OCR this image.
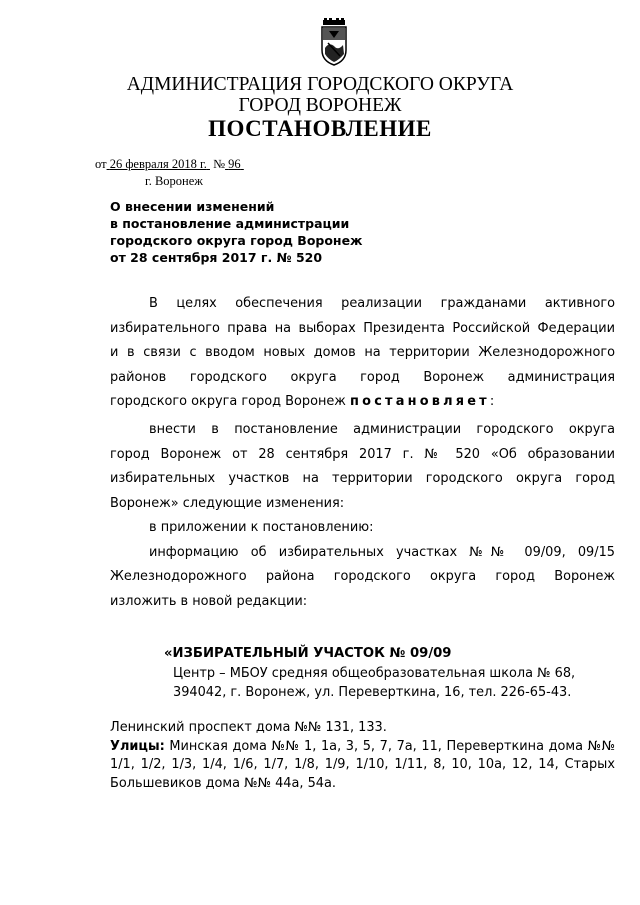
АДМИНИСТРАЦИЯ ГОРОДСКОГО ОКРУГА
ГОРОД ВОРОНЕЖ
ПОСТАНОВЛЕНИЕ
от 26 февраля 2018 г. № 96
г. Воронеж
О внесении изменений
в постановление администрации
городского округа город Воронеж
от 28 сентября 2017 г. № 520

В целях обеспечения реализации гражданами активного

избирательного права на выборах Президента Российской Федерации

и в связи с вводом новых домов на территории Железнодорожного

районов городского округа город Воронеж администрация

городского округа город Воронеж постановляет:

внести в постановление администрации городского округа

город Воронеж от 28 сентября 2017 г. № 520 «Об образовании

избирательных участков на территории городского округа город

Воронеж» следующие изменения:

в приложении к постановлению:

информацию об избирательных участках №№ 09/09, 09/15

Железнодорожного района городского округа город Воронеж

изложить в новой редакции:

«ИЗБИРАТЕЛЬНЫЙ УЧАСТОК № 09/09
Центр – МБОУ средняя общеобразовательная школа № 68,
394042, г. Воронеж, ул. Переверткина, 16, тел. 226-65-43.

Ленинский проспект дома №№ 131, 133.

Улицы: Минская дома №№ 1, 1а, 3, 5, 7, 7а, 11, Переверткина дома №№ 1/1, 1/2, 1/3, 1/4, 1/6, 1/7, 1/8, 1/9, 1/10, 1/11, 8, 10, 10а, 12, 14, Старых Большевиков дома №№ 44а, 54а.
